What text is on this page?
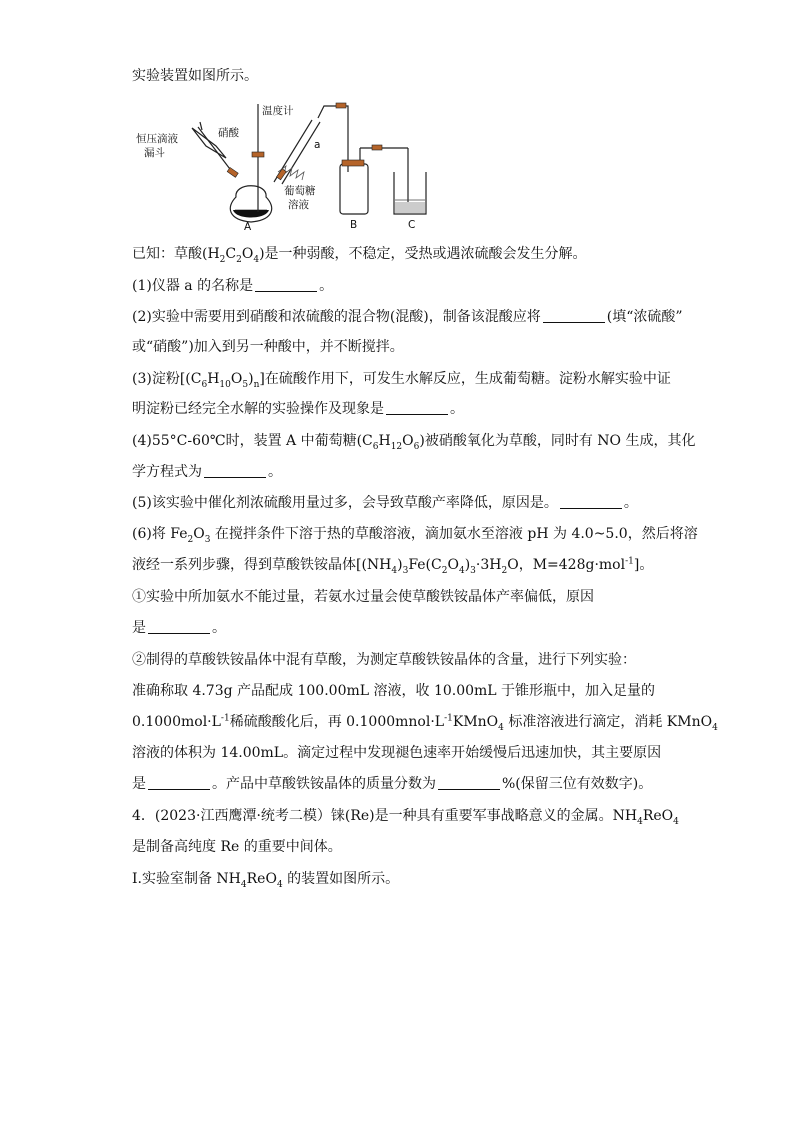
实验装置如图所示。
恒压滴液
漏斗
硝酸
温度计
a
葡萄糖
溶液
A	B	C
已知：草酸$(H_2C_2O_4)$是一种弱酸，不稳定，受热或遇浓硫酸会发生分解。
(1)仪器 a 的名称是	。
(2)实验中需要用到硝酸和浓硫酸的混合物(混酸)，制备该混酸应将	(填“浓硫酸”
或“硝酸”)加入到另一种酸中，并不断搅拌。
(3)淀粉$[(C_6H_{10}O_5)_n]$在硫酸作用下，可发生水解反应，生成葡萄糖。淀粉水解实验中证
明淀粉已经完全水解的实验操作及现象是	。
(4)55°C-60℃时，装置 A 中葡萄糖$(C_6H_{12}O_6)$被硝酸氧化为草酸，同时有 NO 生成，其化
学方程式为	。
(5)该实验中催化剂浓硫酸用量过多，会导致草酸产率降低，原因是。	。
(6)将 $Fe_2O_3$ 在搅拌条件下溶于热的草酸溶液，滴加氨水至溶液 pH 为 4.0~5.0，然后将溶
液经一系列步骤，得到草酸铁铵晶体[$(NH_4)_3Fe(C_2O_4)_3\cdot 3H_2O$，M=428g·mol$^{-1}$]。
①实验中所加氨水不能过量，若氨水过量会使草酸铁铵晶体产率偏低，原因
是	。
②制得的草酸铁铵晶体中混有草酸，为测定草酸铁铵晶体的含量，进行下列实验：
准确称取 4.73g 产品配成 100.00mL 溶液，收 10.00mL 于锥形瓶中，加入足量的
$0.1000mol\cdot L^{-1}$稀硫酸酸化后，再 $0.1000mnol\cdot L^{-1}KMnO_4$ 标准溶液进行滴定，消耗 KMnO$_4$
溶液的体积为 14.00mL。滴定过程中发现褪色速率开始缓慢后迅速加快，其主要原因
是	。产品中草酸铁铵晶体的质量分数为	%(保留三位有效数字)。
4．(2023·江西鹰潭·统考二模）铼(Re)是一种具有重要军事战略意义的金属。$NH_4ReO_4$
是制备高纯度 Re 的重要中间体。
I.实验室制备 $NH_4ReO_4$ 的装置如图所示。
